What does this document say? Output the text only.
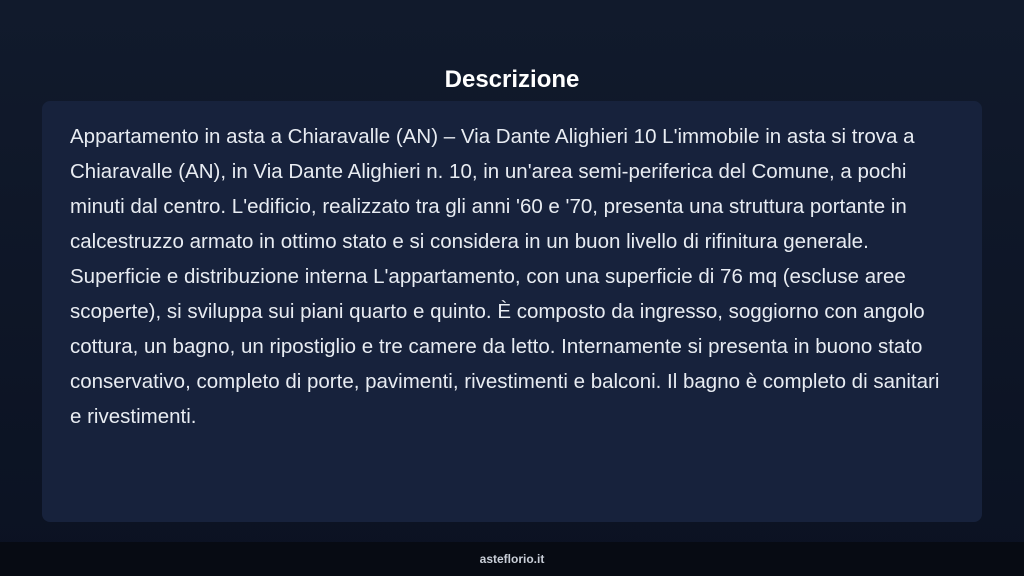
Descrizione

Appartamento in asta a Chiaravalle (AN) – Via Dante Alighieri 10 L'immobile in asta si trova a Chiaravalle (AN), in Via Dante Alighieri n. 10, in un'area semi-periferica del Comune, a pochi minuti dal centro. L'edificio, realizzato tra gli anni '60 e '70, presenta una struttura portante in calcestruzzo armato in ottimo stato e si considera in un buon livello di rifinitura generale. Superficie e distribuzione interna L'appartamento, con una superficie di 76 mq (escluse aree scoperte), si sviluppa sui piani quarto e quinto. È composto da ingresso, soggiorno con angolo cottura, un bagno, un ripostiglio e tre camere da letto. Internamente si presenta in buono stato conservativo, completo di porte, pavimenti, rivestimenti e balconi. Il bagno è completo di sanitari e rivestimenti.

asteflorio.it
